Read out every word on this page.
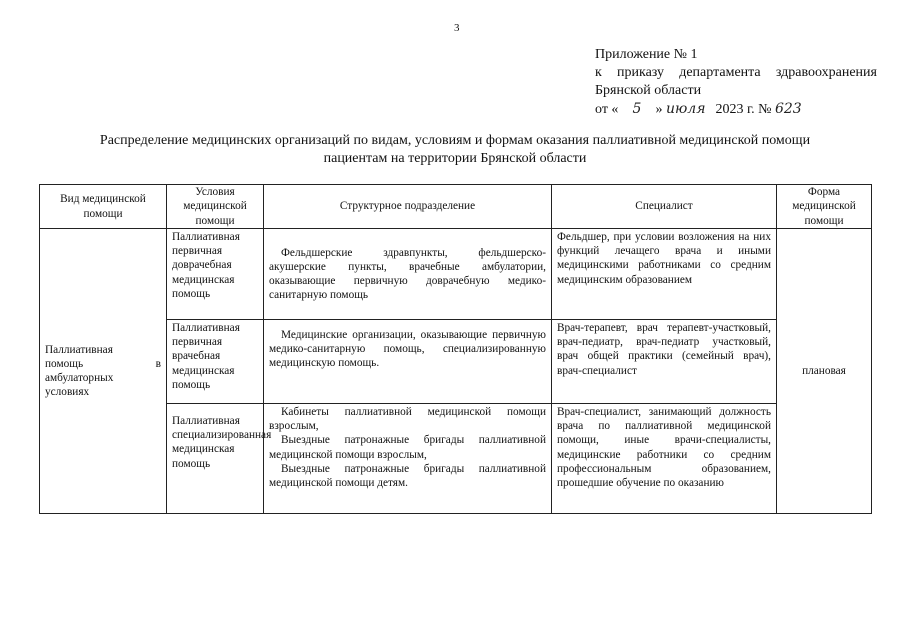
3
Приложение № 1
к приказу департамента здравоохранения
Брянской области
от « 5 » июля 2023 г. № 623
Распределение медицинских организаций по видам, условиям и формам оказания паллиативной медицинской помощи
пациентам на территории Брянской области
Вид медицинской помощи	Условия медицинской помощи	Структурное подразделение	Специалист	Форма медицинской помощи

Паллиативная
помощь в
амбулаторных
условиях	Паллиативная первичная доврачебная медицинская помощь	Фельдшерские здравпункты, фельдшерско-акушерские пункты, врачебные амбулатории, оказывающие первичную доврачебную медико-санитарную помощь	Фельдшер, при условии возложения на них функций лечащего врача и иными медицинскими работниками со средним медицинским образованием	плановая
	Паллиативная первичная врачебная медицинская помощь	Медицинские организации, оказывающие первичную медико-санитарную помощь, специализированную медицинскую помощь.	Врач-терапевт, врач терапевт-участковый, врач-педиатр, врач-педиатр участковый, врач общей практики (семейный врач), врач-специалист	
	Паллиативная специализированная медицинская помощь	Кабинеты паллиативной медицинской помощи взрослым,

Выездные патронажные бригады паллиативной медицинской помощи взрослым,

Выездные патронажные бригады паллиативной медицинской помощи детям.	Врач-специалист, занимающий должность врача по паллиативной медицинской помощи, иные врачи-специалисты, медицинские работники со средним профессиональным образованием, прошедшие обучение по оказанию	
